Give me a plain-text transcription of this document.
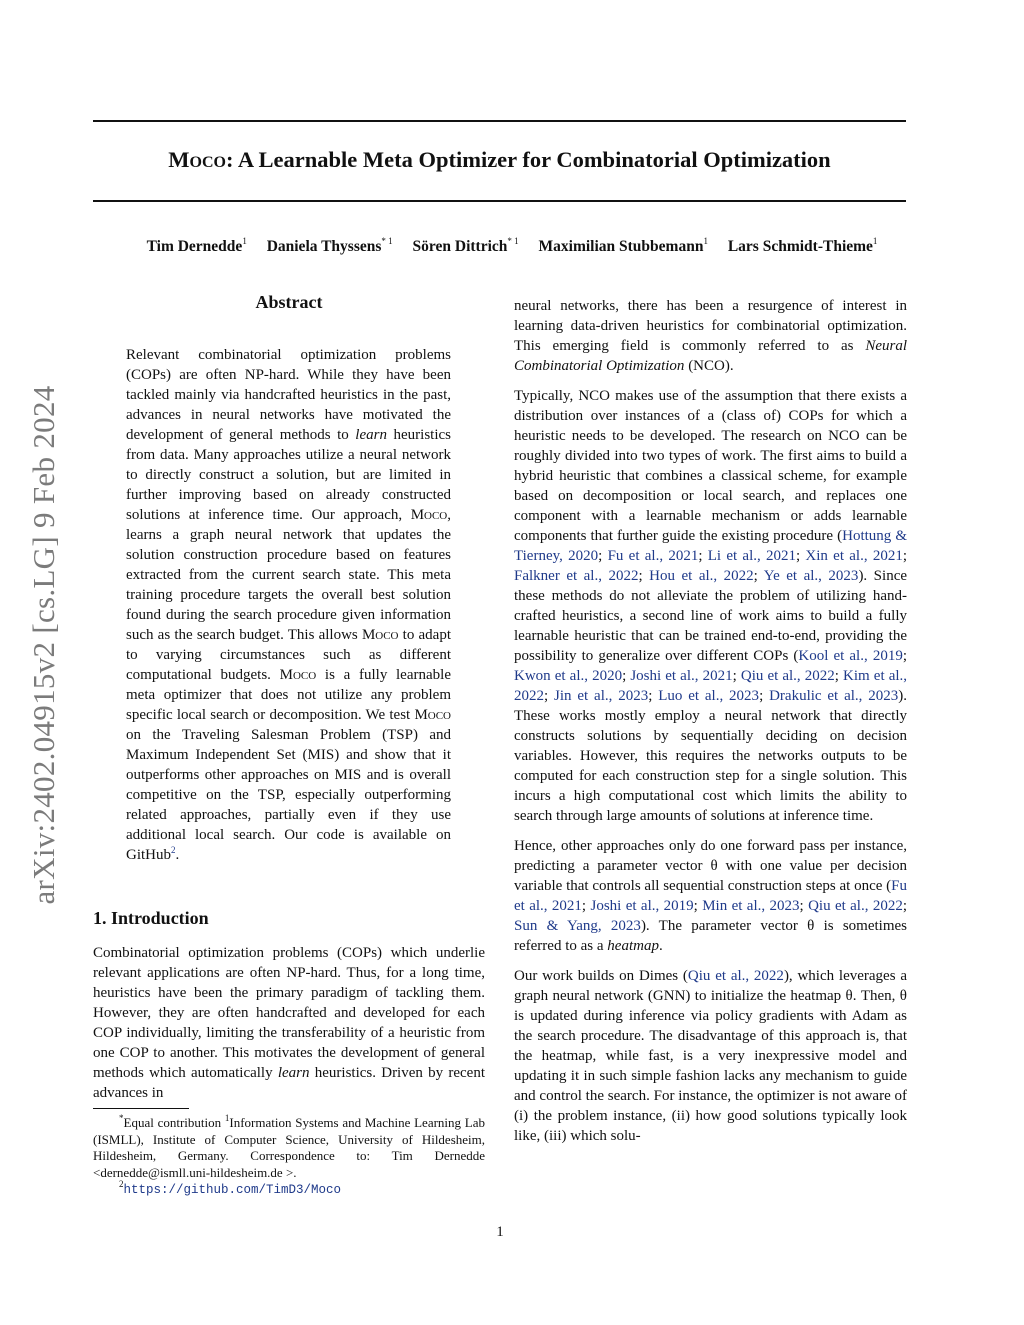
Moco: A Learnable Meta Optimizer for Combinatorial Optimization
Tim Dernedde$^1$ Daniela Thyssens$^{* 1}$ Sören Dittrich$^{* 1}$ Maximilian Stubbemann$^1$ Lars Schmidt-Thieme$^1$
arXiv:2402.04915v2 [cs.LG] 9 Feb 2024
Abstract

Relevant combinatorial optimization problems (COPs) are often NP-hard. While they have been tackled mainly via handcrafted heuristics in the past, advances in neural networks have motivated the development of general methods to learn heuristics from data. Many approaches utilize a neural network to directly construct a solution, but are limited in further improving based on already constructed solutions at inference time. Our approach, Moco, learns a graph neural network that updates the solution construction procedure based on features extracted from the current search state. This meta training procedure targets the overall best solution found during the search procedure given information such as the search budget. This allows Moco to adapt to varying circumstances such as different computational budgets. Moco is a fully learnable meta optimizer that does not utilize any problem specific local search or decomposition. We test Moco on the Traveling Salesman Problem (TSP) and Maximum Independent Set (MIS) and show that it outperforms other approaches on MIS and is overall competitive on the TSP, especially outperforming related approaches, partially even if they use additional local search. Our code is available on GitHub$^2$.

1. Introduction

Combinatorial optimization problems (COPs) which underlie relevant applications are often NP-hard. Thus, for a long time, heuristics have been the primary paradigm of tackling them. However, they are often handcrafted and developed for each COP individually, limiting the transferability of a heuristic from one COP to another. This motivates the development of general methods which automatically learn heuristics. Driven by recent advances in

*Equal contribution $^1$Information Systems and Machine Learning Lab (ISMLL), Institute of Computer Science, University of Hildesheim, Hildesheim, Germany. Correspondence to: Tim Dernedde <dernedde@ismll.uni-hildesheim.de >.
$^2$https://github.com/TimD3/Moco

neural networks, there has been a resurgence of interest in learning data-driven heuristics for combinatorial optimization. This emerging field is commonly referred to as Neural Combinatorial Optimization (NCO).

Typically, NCO makes use of the assumption that there exists a distribution over instances of a (class of) COPs for which a heuristic needs to be developed. The research on NCO can be roughly divided into two types of work. The first aims to build a hybrid heuristic that combines a classical scheme, for example based on decomposition or local search, and replaces one component with a learnable mechanism or adds learnable components that further guide the existing procedure (Hottung & Tierney, 2020; Fu et al., 2021; Li et al., 2021; Xin et al., 2021; Falkner et al., 2022; Hou et al., 2022; Ye et al., 2023). Since these methods do not alleviate the problem of utilizing hand-crafted heuristics, a second line of work aims to build a fully learnable heuristic that can be trained end-to-end, providing the possibility to generalize over different COPs (Kool et al., 2019; Kwon et al., 2020; Joshi et al., 2021; Qiu et al., 2022; Kim et al., 2022; Jin et al., 2023; Luo et al., 2023; Drakulic et al., 2023). These works mostly employ a neural network that directly constructs solutions by sequentially deciding on decision variables. However, this requires the networks outputs to be computed for each construction step for a single solution. This incurs a high computational cost which limits the ability to search through large amounts of solutions at inference time.

Hence, other approaches only do one forward pass per instance, predicting a parameter vector θ with one value per decision variable that controls all sequential construction steps at once (Fu et al., 2021; Joshi et al., 2019; Min et al., 2023; Qiu et al., 2022; Sun & Yang, 2023). The parameter vector θ is sometimes referred to as a heatmap.

Our work builds on Dimes (Qiu et al., 2022), which leverages a graph neural network (GNN) to initialize the heatmap θ. Then, θ is updated during inference via policy gradients with Adam as the search procedure. The disadvantage of this approach is, that the heatmap, while fast, is a very inexpressive model and updating it in such simple fashion lacks any mechanism to guide and control the search. For instance, the optimizer is not aware of (i) the problem instance, (ii) how good solutions typically look like, (iii) which solu-

1
